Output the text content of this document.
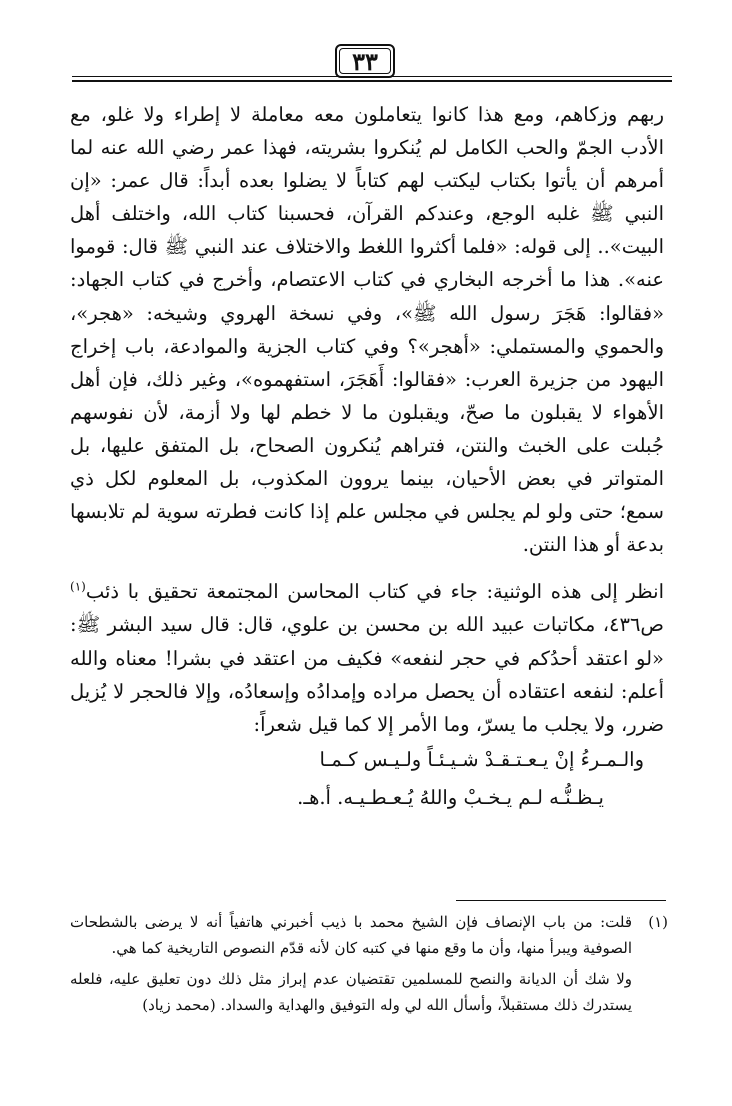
٣٣

ربهم وزكاهم، ومع هذا كانوا يتعاملون معه معاملة لا إطراء ولا غلو، مع الأدب الجمّ والحب الكامل لم يُنكروا بشريته، فهذا عمر رضي الله عنه لما أمرهم أن يأتوا بكتاب ليكتب لهم كتاباً لا يضلوا بعده أبداً: قال عمر: «إن النبي ﷺ غلبه الوجع، وعندكم القرآن، فحسبنا كتاب الله، واختلف أهل البيت».. إلى قوله: «فلما أكثروا اللغط والاختلاف عند النبي ﷺ قال: قوموا عنه». هذا ما أخرجه البخاري في كتاب الاعتصام، وأخرج في كتاب الجهاد: «فقالوا: هَجَرَ رسول الله ﷺ»، وفي نسخة الهروي وشيخه: «هجر»، والحموي والمستملي: «أهجر»؟ وفي كتاب الجزية والموادعة، باب إخراج اليهود من جزيرة العرب: «فقالوا: أَهَجَرَ، استفهموه»، وغير ذلك، فإن أهل الأهواء لا يقبلون ما صحّ، ويقبلون ما لا خطم لها ولا أزمة، لأن نفوسهم جُبلت على الخبث والنتن، فتراهم يُنكرون الصحاح، بل المتفق عليها، بل المتواتر في بعض الأحيان، بينما يروون المكذوب، بل المعلوم لكل ذي سمع؛ حتى ولو لم يجلس في مجلس علم إذا كانت فطرته سوية لم تلابسها بدعة أو هذا النتن.

انظر إلى هذه الوثنية: جاء في كتاب المحاسن المجتمعة تحقيق با ذئب$^{(١)}$ ص٤٣٦، مكاتبات عبيد الله بن محسن بن علوي، قال: قال سيد البشر ﷺ: «لو اعتقد أحدُكم في حجر لنفعه» فكيف من اعتقد في بشرا! معناه والله أعلم: لنفعه اعتقاده أن يحصل مراده وإمدادُه وإسعادُه، وإلا فالحجر لا يُزيل ضرر، ولا يجلب ما يسرّ، وما الأمر إلا كما قيل شعراً:

والـمـرءُ إنْ يـعـتـقـدْ شـيـئـاً ولـيـس كـمـا
يـظـنُّـه لـم يـخـبْ واللهُ يُـعـطـيـه. أ.هـ.
(١)
قلت: من باب الإنصاف فإن الشيخ محمد با ذيب أخبرني هاتفياً أنه لا يرضى بالشطحات الصوفية ويبرأ منها، وأن ما وقع منها في كتبه كان لأنه قدّم النصوص التاريخية كما هي.

ولا شك أن الديانة والنصح للمسلمين تقتضيان عدم إبراز مثل ذلك دون تعليق عليه، فلعله يستدرك ذلك مستقبلاً، وأسأل الله لي وله التوفيق والهداية والسداد. (محمد زياد)
